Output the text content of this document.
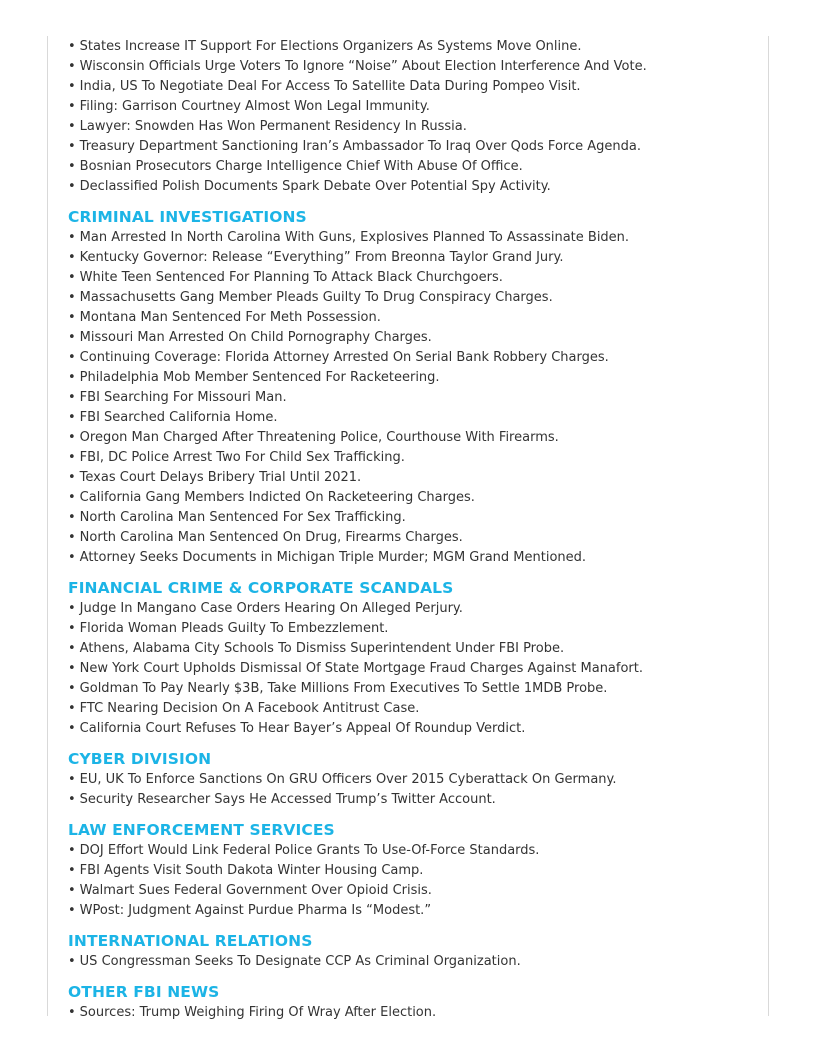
• States Increase IT Support For Elections Organizers As Systems Move Online.
• Wisconsin Officials Urge Voters To Ignore “Noise” About Election Interference And Vote.
• India, US To Negotiate Deal For Access To Satellite Data During Pompeo Visit.
• Filing: Garrison Courtney Almost Won Legal Immunity.
• Lawyer: Snowden Has Won Permanent Residency In Russia.
• Treasury Department Sanctioning Iran’s Ambassador To Iraq Over Qods Force Agenda.
• Bosnian Prosecutors Charge Intelligence Chief With Abuse Of Office.
• Declassified Polish Documents Spark Debate Over Potential Spy Activity.
CRIMINAL INVESTIGATIONS
• Man Arrested In North Carolina With Guns, Explosives Planned To Assassinate Biden.
• Kentucky Governor: Release “Everything” From Breonna Taylor Grand Jury.
• White Teen Sentenced For Planning To Attack Black Churchgoers.
• Massachusetts Gang Member Pleads Guilty To Drug Conspiracy Charges.
• Montana Man Sentenced For Meth Possession.
• Missouri Man Arrested On Child Pornography Charges.
• Continuing Coverage: Florida Attorney Arrested On Serial Bank Robbery Charges.
• Philadelphia Mob Member Sentenced For Racketeering.
• FBI Searching For Missouri Man.
• FBI Searched California Home.
• Oregon Man Charged After Threatening Police, Courthouse With Firearms.
• FBI, DC Police Arrest Two For Child Sex Trafficking.
• Texas Court Delays Bribery Trial Until 2021.
• California Gang Members Indicted On Racketeering Charges.
• North Carolina Man Sentenced For Sex Trafficking.
• North Carolina Man Sentenced On Drug, Firearms Charges.
• Attorney Seeks Documents in Michigan Triple Murder; MGM Grand Mentioned.
FINANCIAL CRIME & CORPORATE SCANDALS
• Judge In Mangano Case Orders Hearing On Alleged Perjury.
• Florida Woman Pleads Guilty To Embezzlement.
• Athens, Alabama City Schools To Dismiss Superintendent Under FBI Probe.
• New York Court Upholds Dismissal Of State Mortgage Fraud Charges Against Manafort.
• Goldman To Pay Nearly $3B, Take Millions From Executives To Settle 1MDB Probe.
• FTC Nearing Decision On A Facebook Antitrust Case.
• California Court Refuses To Hear Bayer’s Appeal Of Roundup Verdict.
CYBER DIVISION
• EU, UK To Enforce Sanctions On GRU Officers Over 2015 Cyberattack On Germany.
• Security Researcher Says He Accessed Trump’s Twitter Account.
LAW ENFORCEMENT SERVICES
• DOJ Effort Would Link Federal Police Grants To Use-Of-Force Standards.
• FBI Agents Visit South Dakota Winter Housing Camp.
• Walmart Sues Federal Government Over Opioid Crisis.
• WPost: Judgment Against Purdue Pharma Is “Modest.”
INTERNATIONAL RELATIONS
• US Congressman Seeks To Designate CCP As Criminal Organization.
OTHER FBI NEWS
• Sources: Trump Weighing Firing Of Wray After Election.
